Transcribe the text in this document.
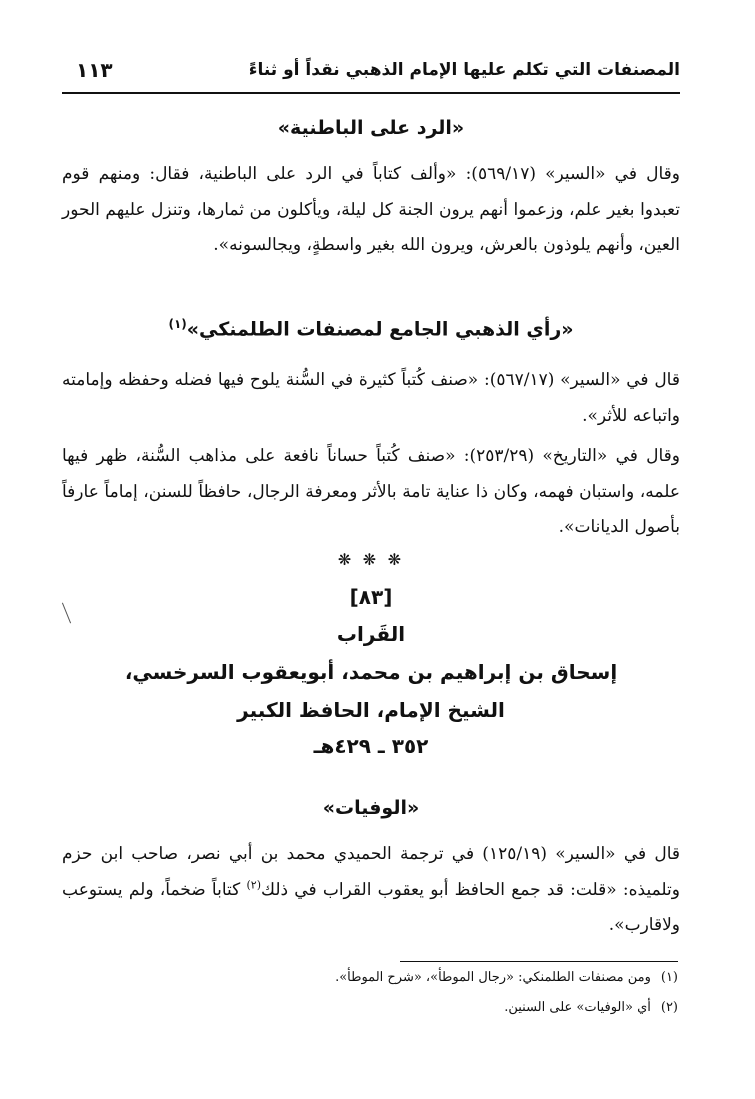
المصنفات التي تكلم عليها الإمام الذهبي نقداً أو ثناءً
١١٣
«الرد على الباطنية»

وقال في «السير» (٥٦٩/١٧): «وألف كتاباً في الرد على الباطنية، فقال: ومنهم قوم تعبدوا بغير علم، وزعموا أنهم يرون الجنة كل ليلة، ويأكلون من ثمارها، وتنزل عليهم الحور العين، وأنهم يلوذون بالعرش، ويرون الله بغير واسطةٍ، ويجالسونه».

«رأي الذهبي الجامع لمصنفات الطلمنكي»$^{(١)}$

قال في «السير» (٥٦٧/١٧): «صنف كُتباً كثيرة في السُّنة يلوح فيها فضله وحفظه وإمامته واتباعه للأثر».

وقال في «التاريخ» (٢٥٣/٢٩): «صنف كُتباً حساناً نافعة على مذاهب السُّنة، ظهر فيها علمه، واستبان فهمه، وكان ذا عناية تامة بالأثر ومعرفة الرجال، حافظاً للسنن، إماماً عارفاً بأصول الديانات».

❋ ❋ ❋
[٨٣]
القَراب
إسحاق بن إبراهيم بن محمد، أبويعقوب السرخسي،
الشيخ الإمام، الحافظ الكبير
٣٥٢ ـ ٤٢٩هـ
«الوفيات»

قال في «السير» (١٢٥/١٩) في ترجمة الحميدي محمد بن أبي نصر، صاحب ابن حزم وتلميذه: «قلت: قد جمع الحافظ أبو يعقوب القراب في ذلك$^{(٢)}$ كتاباً ضخماً، ولم يستوعب ولاقارب».

(١)ومن مصنفات الطلمنكي: «رجال الموطأ»، «شرح الموطأ».

(٢)أي «الوفيات» على السنين.
